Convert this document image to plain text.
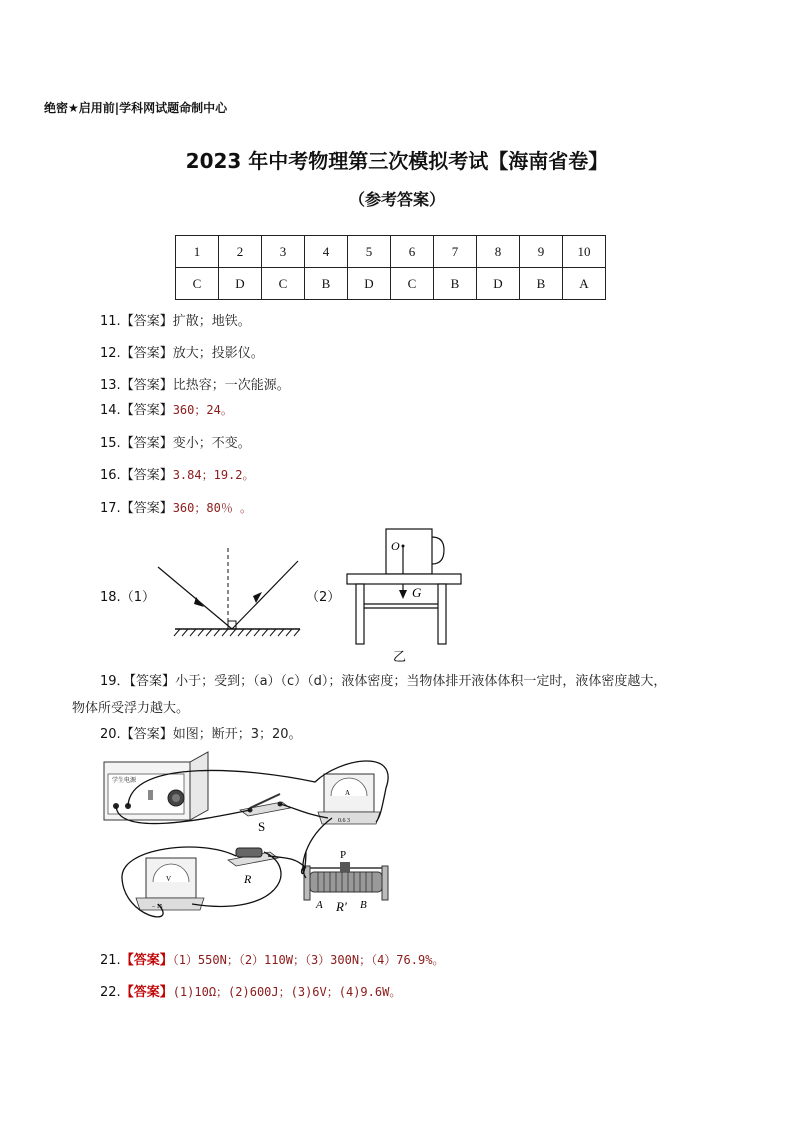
绝密★启用前|学科网试题命制中心
2023 年中考物理第三次模拟考试【海南省卷】
（参考答案）
1	2	3	4	5	6	7	8	9	10
C	D	C	B	D	C	B	D	B	A
11.【答案】扩散；地铁。
12.【答案】放大；投影仪。
13.【答案】比热容；一次能源。
14.【答案】360；24。
15.【答案】变小；不变。
16.【答案】3.84；19.2。
17.【答案】360；80％ 。
18.（1）	（2）
O
G
乙
19．【答案】小于；受到；（a）（c）（d）；液体密度；当物体排开液体体积一定时，液体密度越大，
物体所受浮力越大。
20.【答案】如图；断开；3；20。
学生电源
S
A
0.6 3
R
V
– 15
P
A R′ B
21.【答案】（1）550N；（2）110W；（3）300N；（4）76.9%。
22.【答案】(1)10Ω；(2)600J；(3)6V；(4)9.6W。
